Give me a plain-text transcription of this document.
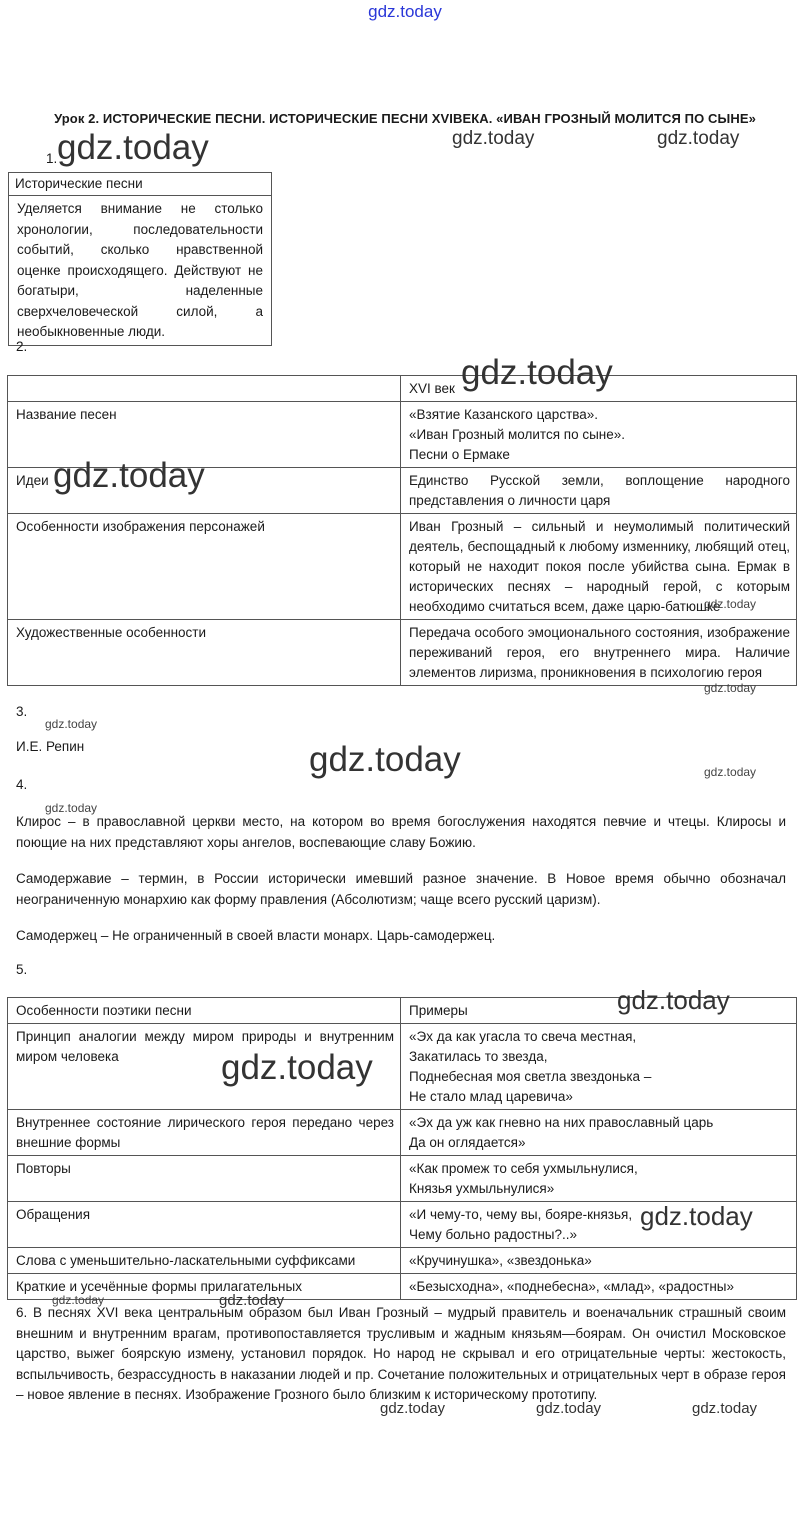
gdz.today
Урок 2. ИСТОРИЧЕСКИЕ ПЕСНИ. ИСТОРИЧЕСКИЕ ПЕСНИ XVIВЕКА. «ИВАН ГРОЗНЫЙ МОЛИТСЯ ПО СЫНЕ»
1.
Исторические песни
Уделяется внимание не столько хронологии, последовательности событий, сколько нравственной оценке происходящего. Действуют не богатыри, наделенные сверхчеловеческой силой, а необыкновенные люди.
2.
	XVI век
Название песен	«Взятие Казанского царства».
«Иван Грозный молится по сыне».
Песни о Ермаке

Идеи	Единство Русской земли, воплощение народного представления о личности царя
Особенности изображения персонажей	Иван Грозный – сильный и неумолимый политический деятель, беспощадный к любому изменнику, любящий отец, который не находит покоя после убийства сына. Ермак в исторических песнях – народный герой, с которым необходимо считаться всем, даже царю-батюшке
Художественные особенности	Передача особого эмоционального состояния, изображение переживаний героя, его внутреннего мира. Наличие элементов лиризма, проникновения в психологию героя
3.
И.Е. Репин
4.
Клирос – в православной церкви место, на котором во время богослужения находятся певчие и чтецы. Клиросы и поющие на них представляют хоры ангелов, воспевающие славу Божию.
Самодержавие – термин, в России исторически имевший разное значение. В Новое время обычно обозначал неограниченную монархию как форму правления (Абсолютизм; чаще всего русский царизм).
Самодержец – Не ограниченный в своей власти монарх. Царь-самодержец.
5.
Особенности поэтики песни	Примеры
Принцип аналогии между миром природы и внутренним миром человека	«Эх да как угасла то свеча местная,
Закатилась то звезда,
Поднебесная моя светла звездонька –
Не стало млад царевича»

Внутреннее состояние лирического героя передано через внешние формы	«Эх да уж как гневно на них православный царь
Да он оглядается»

Повторы	«Как промеж то себя ухмыльнулися,
Князья ухмыльнулися»

Обращения	«И чему-то, чему вы, бояре-князья,
Чему больно радостны?..»

Слова с уменьшительно-ласкательными суффиксами	«Кручинушка», «звездонька»
Краткие и усечённые формы прилагательных	«Безысходна», «поднебесна», «млад», «радостны»
6. В песнях XVI века центральным образом был Иван Грозный – мудрый правитель и военачальник страшный своим внешним и внутренним врагам, противопоставляется трусливым и жадным князьям—боярам. Он очистил Московское царство, выжег боярскую измену, установил порядок. Но народ не скрывал и его отрицательные черты: жестокость, вспыльчивость, безрассудность в наказании людей и пр. Сочетание положительных и отрицательных черт в образе героя – новое явление в песнях. Изображение Грозного было близким к историческому прототипу.
gdz.today	gdz.today	gdz.today
gdz.today
gdz.today
gdz.today
gdz.today
gdz.today
gdz.today	gdz.today
gdz.today
gdz.today
gdz.today
gdz.today
gdz.today	gdz.today
gdz.today	gdz.today	gdz.today
